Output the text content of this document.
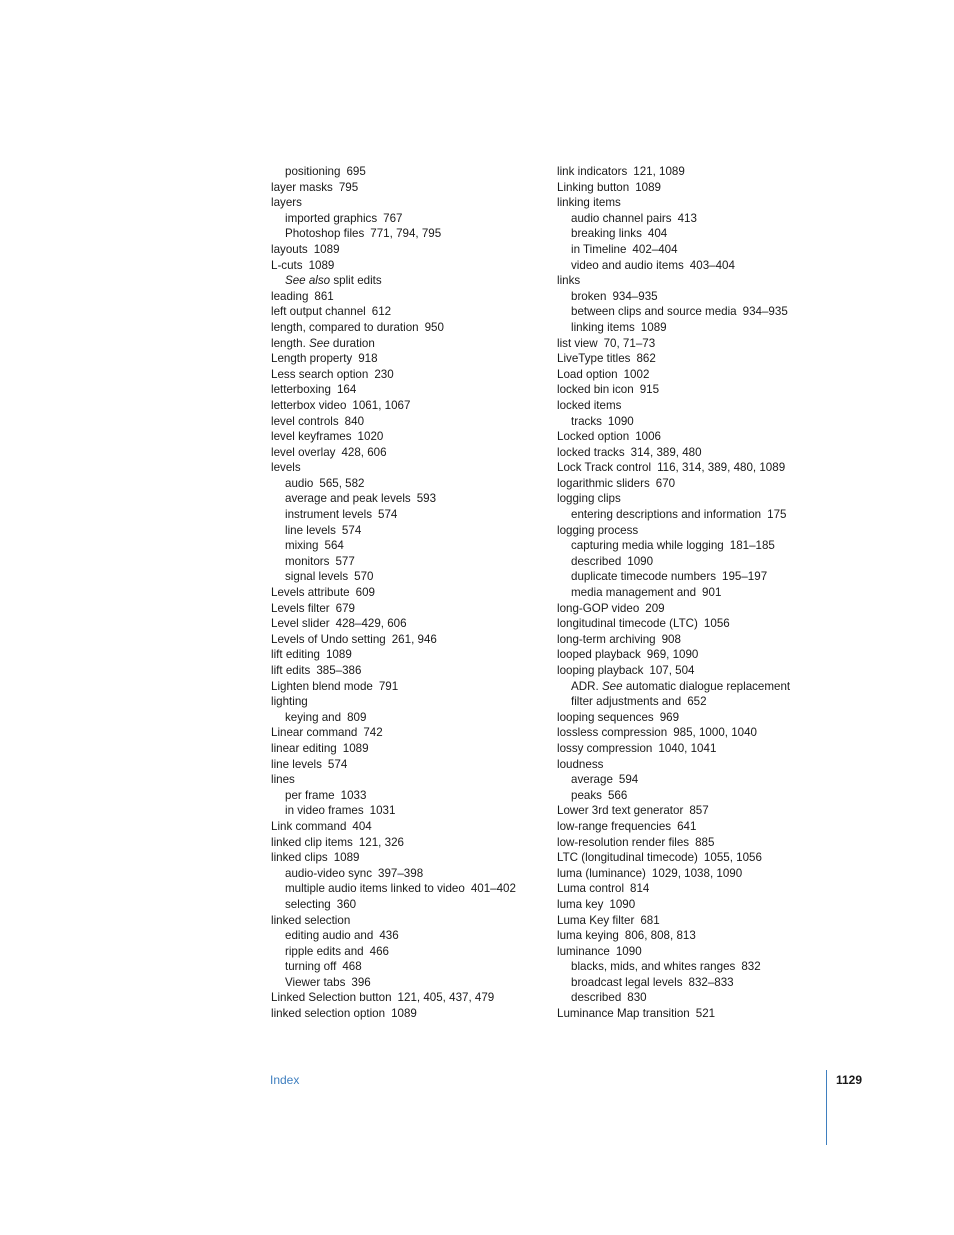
positioning 695
layer masks 795
layers
imported graphics 767
Photoshop files 771, 794, 795
layouts 1089
L-cuts 1089
See also split edits
leading 861
left output channel 612
length, compared to duration 950
length. See duration
Length property 918
Less search option 230
letterboxing 164
letterbox video 1061, 1067
level controls 840
level keyframes 1020
level overlay 428, 606
levels
audio 565, 582
average and peak levels 593
instrument levels 574
line levels 574
mixing 564
monitors 577
signal levels 570
Levels attribute 609
Levels filter 679
Level slider 428–429, 606
Levels of Undo setting 261, 946
lift editing 1089
lift edits 385–386
Lighten blend mode 791
lighting
keying and 809
Linear command 742
linear editing 1089
line levels 574
lines
per frame 1033
in video frames 1031
Link command 404
linked clip items 121, 326
linked clips 1089
audio-video sync 397–398
multiple audio items linked to video 401–402
selecting 360
linked selection
editing audio and 436
ripple edits and 466
turning off 468
Viewer tabs 396
Linked Selection button 121, 405, 437, 479
linked selection option 1089
link indicators 121, 1089
Linking button 1089
linking items
audio channel pairs 413
breaking links 404
in Timeline 402–404
video and audio items 403–404
links
broken 934–935
between clips and source media 934–935
linking items 1089
list view 70, 71–73
LiveType titles 862
Load option 1002
locked bin icon 915
locked items
tracks 1090
Locked option 1006
locked tracks 314, 389, 480
Lock Track control 116, 314, 389, 480, 1089
logarithmic sliders 670
logging clips
entering descriptions and information 175
logging process
capturing media while logging 181–185
described 1090
duplicate timecode numbers 195–197
media management and 901
long-GOP video 209
longitudinal timecode (LTC) 1056
long-term archiving 908
looped playback 969, 1090
looping playback 107, 504
ADR. See automatic dialogue replacement
filter adjustments and 652
looping sequences 969
lossless compression 985, 1000, 1040
lossy compression 1040, 1041
loudness
average 594
peaks 566
Lower 3rd text generator 857
low-range frequencies 641
low-resolution render files 885
LTC (longitudinal timecode) 1055, 1056
luma (luminance) 1029, 1038, 1090
Luma control 814
luma key 1090
Luma Key filter 681
luma keying 806, 808, 813
luminance 1090
blacks, mids, and whites ranges 832
broadcast legal levels 832–833
described 830
Luminance Map transition 521
Index	1129
